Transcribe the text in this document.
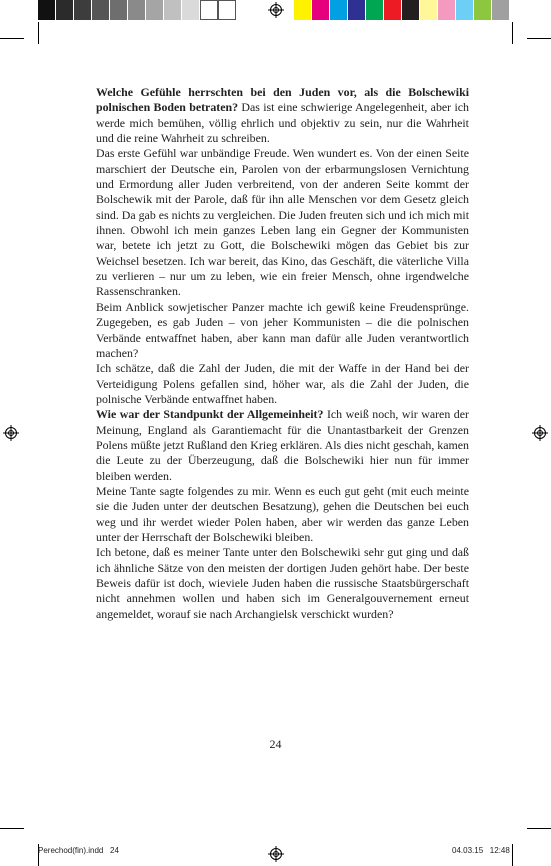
Welche Gefühle herrschten bei den Juden vor, als die Bolschewiki polnischen Boden betraten? Das ist eine schwierige Angelegenheit, aber ich werde mich bemühen, völlig ehrlich und objektiv zu sein, nur die Wahrheit und die reine Wahrheit zu schreiben.

Das erste Gefühl war unbändige Freude. Wen wundert es. Von der einen Seite marschiert der Deutsche ein, Parolen von der erbarmungslosen Vernichtung und Ermordung aller Juden verbreitend, von der anderen Seite kommt der Bolschewik mit der Parole, daß für ihn alle Menschen vor dem Gesetz gleich sind. Da gab es nichts zu vergleichen. Die Juden freuten sich und ich mich mit ihnen. Obwohl ich mein ganzes Leben lang ein Gegner der Kommunisten war, betete ich jetzt zu Gott, die Bolschewiki mögen das Gebiet bis zur Weichsel besetzen. Ich war bereit, das Kino, das Geschäft, die väterliche Villa zu verlieren – nur um zu leben, wie ein freier Mensch, ohne irgendwelche Rassenschranken.

Beim Anblick sowjetischer Panzer machte ich gewiß keine Freudensprünge. Zugegeben, es gab Juden – von jeher Kommunisten – die die polnischen Verbände entwaffnet haben, aber kann man dafür alle Juden verantwortlich machen?

Ich schätze, daß die Zahl der Juden, die mit der Waffe in der Hand bei der Verteidigung Polens gefallen sind, höher war, als die Zahl der Juden, die polnische Verbände entwaffnet haben.

Wie war der Standpunkt der Allgemeinheit? Ich weiß noch, wir waren der Meinung, England als Garantiemacht für die Unantastbarkeit der Grenzen Polens müßte jetzt Rußland den Krieg erklären. Als dies nicht geschah, kamen die Leute zu der Überzeugung, daß die Bolschewiki hier nun für immer bleiben werden.

Meine Tante sagte folgendes zu mir. Wenn es euch gut geht (mit euch meinte sie die Juden unter der deutschen Besatzung), gehen die Deutschen bei euch weg und ihr werdet wieder Polen haben, aber wir werden das ganze Leben unter der Herrschaft der Bolschewiki bleiben.

Ich betone, daß es meiner Tante unter den Bolschewiki sehr gut ging und daß ich ähnliche Sätze von den meisten der dortigen Juden gehört habe. Der beste Beweis dafür ist doch, wieviele Juden haben die russische Staatsbürgerschaft nicht annehmen wollen und haben sich im Generalgouvernement erneut angemeldet, worauf sie nach Archangielsk verschickt wurden?

24
Perechod(fin).indd   24	04.03.15   12:48
